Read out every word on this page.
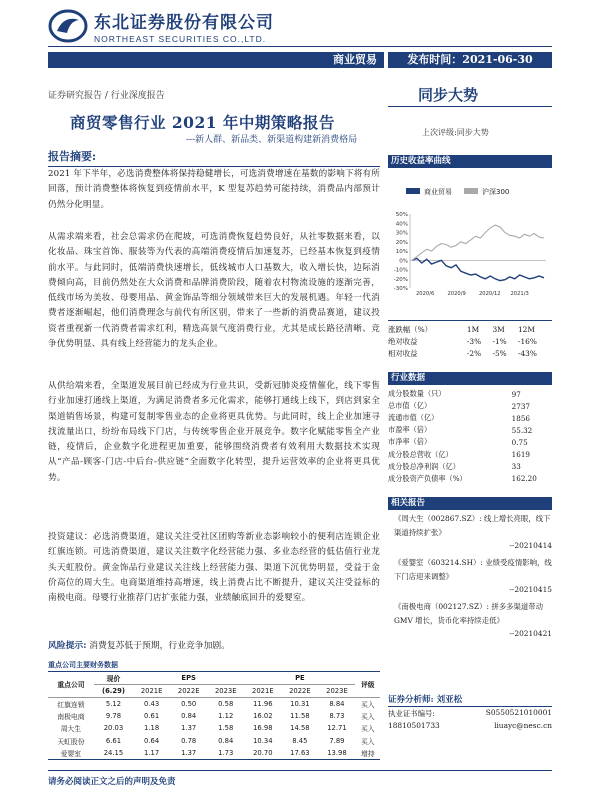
东北证券股份有限公司
NORTHEAST SECURITIES CO.,LTD.
商业贸易	发布时间：2021-06-30
证券研究报告 / 行业深度报告	同步大势
商贸零售行业 2021 年中期策略报告
---新人群、新品类、新渠道构建新消费格局
上次评级:同步大势
报告摘要:

2021 年下半年，必选消费整体将保持稳健增长，可选消费增速在基数的影响下将有所回落，预计消费整体将恢复到疫情前水平，K 型复苏趋势可能持续，消费品内部预计仍然分化明显。

从需求端来看，社会总需求仍在爬坡，可选消费恢复趋势良好，从社零数据来看，以化妆品、珠宝首饰、服装等为代表的高端消费疫情后加速复苏，已经基本恢复到疫情前水平。与此同时，低端消费快速增长，低线城市人口基数大，收入增长快，边际消费倾向高，目前仍然处在大众消费和品牌消费阶段，随着农村物流设施的逐渐完善，低线市场为美妆、母婴用品、黄金饰品等细分领域带来巨大的发展机遇。年轻一代消费者逐渐崛起，他们消费理念与前代有所区别，带来了一些新的消费品赛道，建议投资者重视新一代消费者需求红利，精选高景气度消费行业，尤其是成长路径清晰、竞争优势明显、具有线上经营能力的龙头企业。

从供给端来看，全渠道发展目前已经成为行业共识，受新冠肺炎疫情催化，线下零售行业加速打通线上渠道，为满足消费者多元化需求，能够打通线上线下，到店到家全渠道销售场景，构建可复制零售业态的企业将更具优势。与此同时，线上企业加速寻找流量出口，纷纷布局线下门店，与传统零售企业开展竞争。数字化赋能零售全产业链，疫情后，企业数字化进程更加重要，能够围绕消费者有效利用大数据技术实现从“产品-顾客-门店-中后台-供应链”全面数字化转型，提升运营效率的企业将更具优势。

投资建议：必选消费渠道，建议关注受社区团购等新业态影响较小的便利店连锁企业红旗连锁。可选消费渠道，建议关注数字化经营能力强、多业态经营的低估值行业龙头天虹股份。黄金饰品行业建议关注线上经营能力强、渠道下沉优势明显，受益于金价高位的周大生。电商渠道维持高增速，线上消费占比不断提升，建议关注受益标的南极电商。母婴行业推荐门店扩张能力强，业绩触底回升的爱婴室。

风险提示: 消费复苏低于预期，行业竞争加剧。
重点公司主要财务数据
重点公司	现价	EPS			PE			评级
	(6.29)	2021E	2022E	2023E	2021E	2022E	2023E	
红旗连锁	5.12	0.43	0.50	0.58	11.96	10.31	8.84	买入
南极电商	9.78	0.61	0.84	1.12	16.02	11.58	8.73	买入
周大生	20.03	1.18	1.37	1.58	16.98	14.58	12.71	买入
天虹股份	6.61	0.64	0.78	0.84	10.34	8.45	7.89	买入
爱婴室	24.15	1.17	1.37	1.73	20.70	17.63	13.98	增持
历史收益率曲线
商业贸易	沪深300
50%
40%
30%
20%
10%
0%
-10%
-20%
-30%
2020/6	2020/9	2020/12 2021/3
涨跌幅（%）	1M	3M	12M
绝对收益	-3%	-1%	-16%
相对收益	-2%	-5%	-43%
行业数据
成分股数量（只）	97
总市值（亿）	2737
流通市值（亿）	1856
市盈率（倍）	55.32
市净率（倍）	0.75
成分股总营收（亿）	1619
成分股总净利润（亿）	33
成分股资产负债率（%）	162.20
相关报告
《周大生（002867.SZ）: 线上增长亮眼，线下渠道持续扩张》
--20210414
《爱婴室（603214.SH）: 业绩受疫情影响，线下门店迎来调整》
--20210415
《南极电商（002127.SZ）: 拼多多渠道带动 GMV 增长，货币化率持续走低》
--20210421
证券分析师: 刘亚松
执业证书编号:	S0550521010001
18810501733	liuayc@nesc.cn
请务必阅读正文之后的声明及免责
